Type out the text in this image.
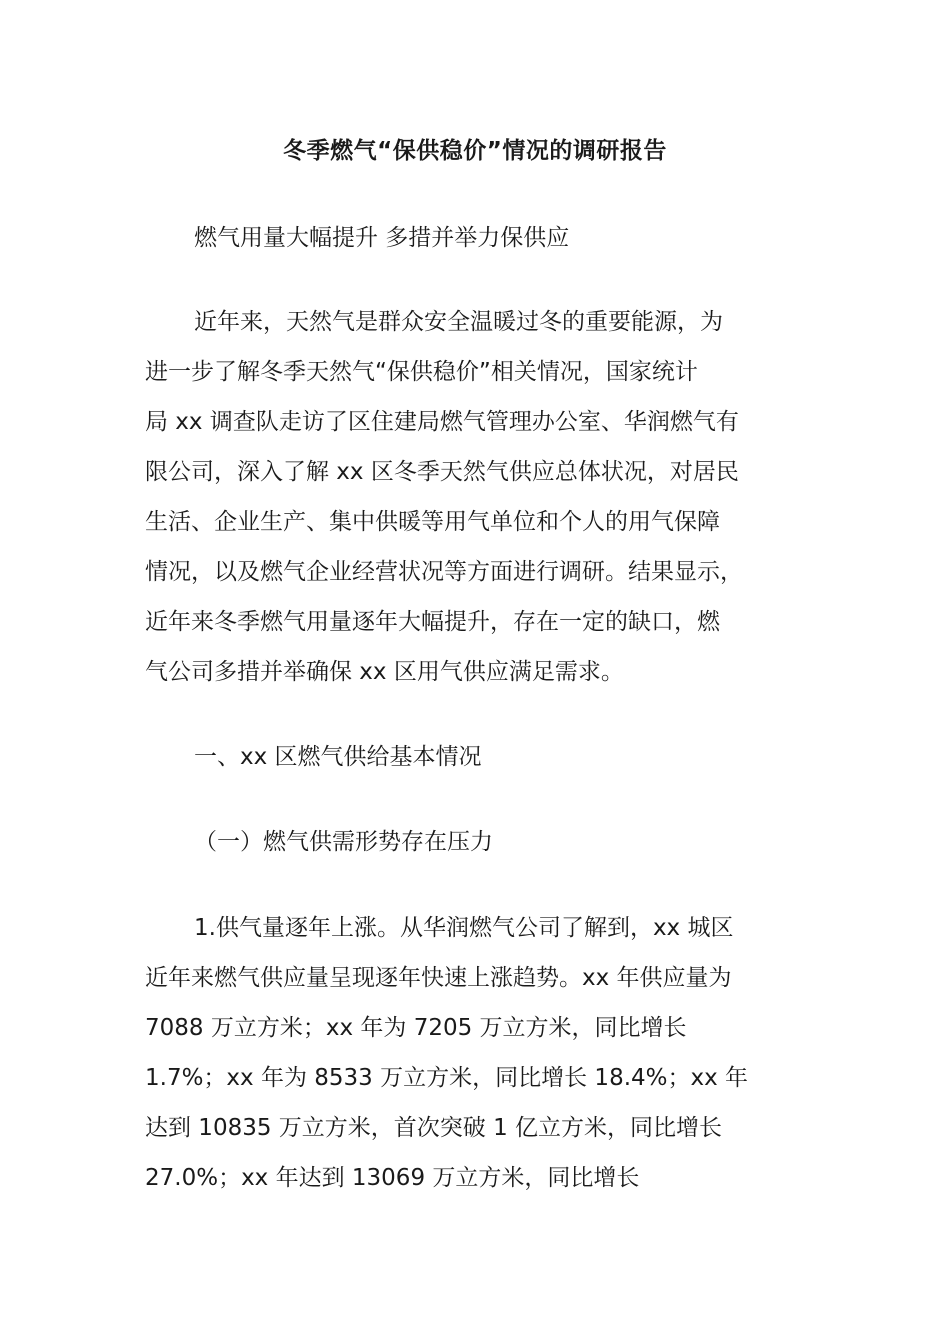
冬季燃气“保供稳价”情况的调研报告
燃气用量大幅提升 多措并举力保供应
近年来，天然气是群众安全温暖过冬的重要能源，为
进一步了解冬季天然气“保供稳价”相关情况，国家统计
局 xx 调查队走访了区住建局燃气管理办公室、华润燃气有
限公司，深入了解 xx 区冬季天然气供应总体状况，对居民
生活、企业生产、集中供暖等用气单位和个人的用气保障
情况，以及燃气企业经营状况等方面进行调研。结果显示，
近年来冬季燃气用量逐年大幅提升，存在一定的缺口，燃
气公司多措并举确保 xx 区用气供应满足需求。
一、xx 区燃气供给基本情况
（一）燃气供需形势存在压力
1.供气量逐年上涨。从华润燃气公司了解到，xx 城区
近年来燃气供应量呈现逐年快速上涨趋势。xx 年供应量为
7088 万立方米；xx 年为 7205 万立方米，同比增长
1.7%；xx 年为 8533 万立方米，同比增长 18.4%；xx 年
达到 10835 万立方米，首次突破 1 亿立方米，同比增长
27.0%；xx 年达到 13069 万立方米，同比增长
